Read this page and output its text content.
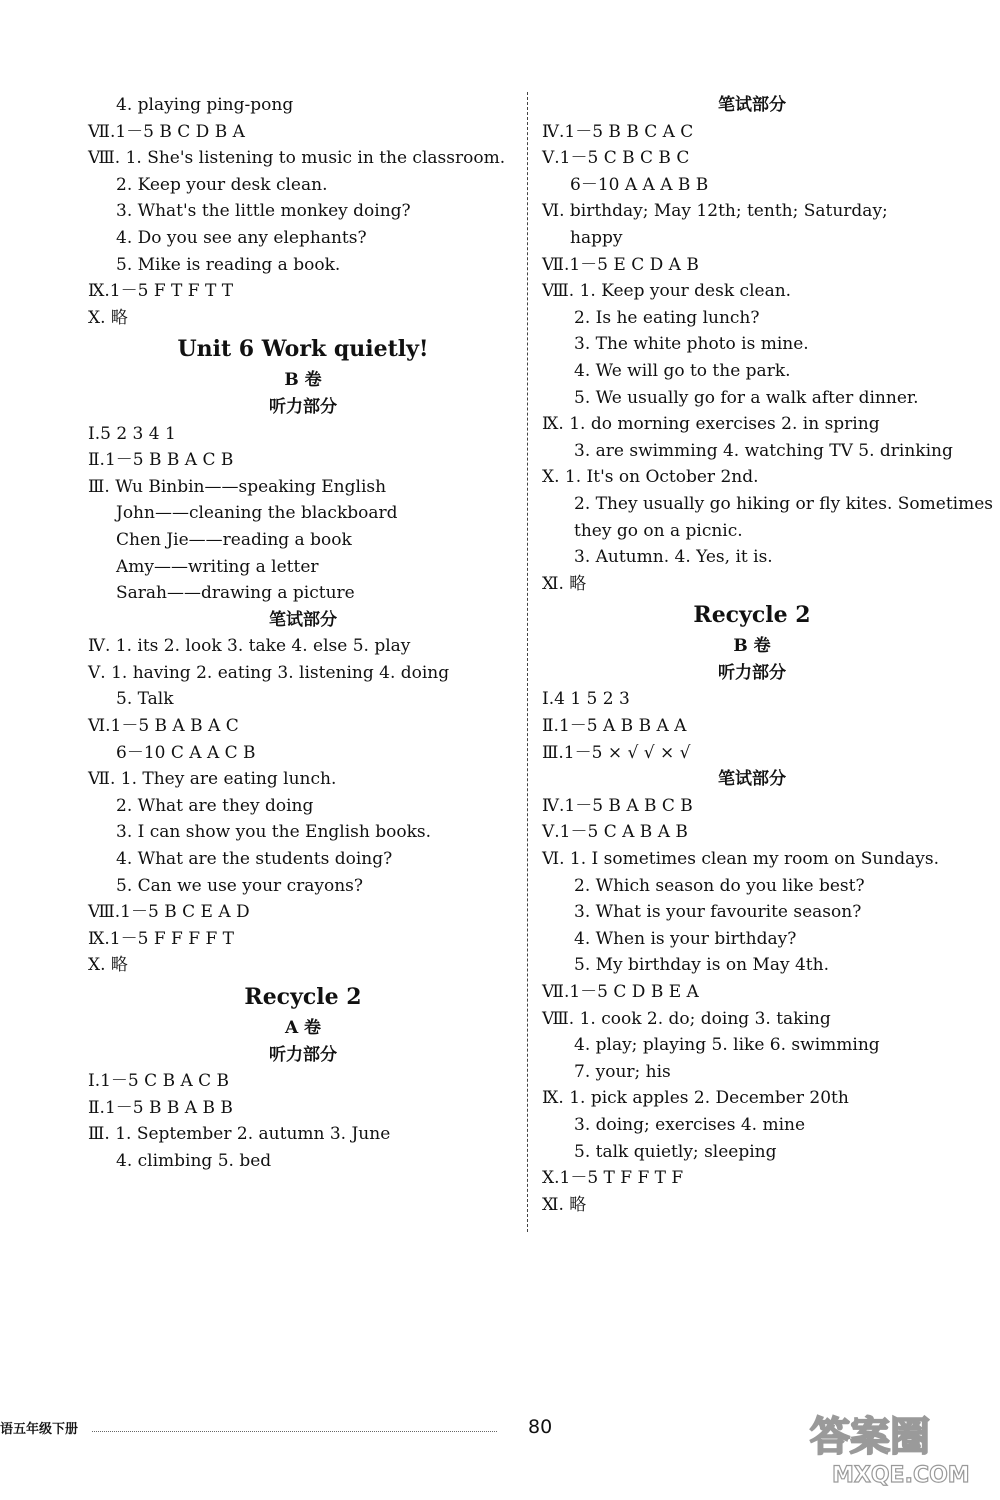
4. playing ping-pong
Ⅶ.1－5 B C D B A
Ⅷ. 1. She's listening to music in the classroom.
2. Keep your desk clean.
3. What's the little monkey doing?
4. Do you see any elephants?
5. Mike is reading a book.
Ⅸ.1－5 F T F T T
Ⅹ. 略
Unit 6 Work quietly!
B 卷
听力部分
Ⅰ.5 2 3 4 1
Ⅱ.1－5 B B A C B
Ⅲ. Wu Binbin——speaking English
John——cleaning the blackboard
Chen Jie——reading a book
Amy——writing a letter
Sarah——drawing a picture
笔试部分
Ⅳ. 1. its 2. look 3. take 4. else 5. play
Ⅴ. 1. having 2. eating 3. listening 4. doing
5. Talk
Ⅵ.1－5 B A B A C
6－10 C A A C B
Ⅶ. 1. They are eating lunch.
2. What are they doing
3. I can show you the English books.
4. What are the students doing?
5. Can we use your crayons?
Ⅷ.1－5 B C E A D
Ⅸ.1－5 F F F F T
Ⅹ. 略
Recycle 2
A 卷
听力部分
Ⅰ.1－5 C B A C B
Ⅱ.1－5 B B A B B
Ⅲ. 1. September 2. autumn 3. June
4. climbing 5. bed
笔试部分
Ⅳ.1－5 B B C A C
Ⅴ.1－5 C B C B C
6－10 A A A B B
Ⅵ. birthday; May 12th; tenth; Saturday;
happy
Ⅶ.1－5 E C D A B
Ⅷ. 1. Keep your desk clean.
2. Is he eating lunch?
3. The white photo is mine.
4. We will go to the park.
5. We usually go for a walk after dinner.
Ⅸ. 1. do morning exercises 2. in spring
3. are swimming 4. watching TV 5. drinking
Ⅹ. 1. It's on October 2nd.
2. They usually go hiking or fly kites. Sometimes
they go on a picnic.
3. Autumn. 4. Yes, it is.
Ⅺ. 略
Recycle 2
B 卷
听力部分
Ⅰ.4 1 5 2 3
Ⅱ.1－5 A B B A A
Ⅲ.1－5 × √ √ × √
笔试部分
Ⅳ.1－5 B A B C B
Ⅴ.1－5 C A B A B
Ⅵ. 1. I sometimes clean my room on Sundays.
2. Which season do you like best?
3. What is your favourite season?
4. When is your birthday?
5. My birthday is on May 4th.
Ⅶ.1－5 C D B E A
Ⅷ. 1. cook 2. do; doing 3. taking
4. play; playing 5. like 6. swimming
7. your; his
Ⅸ. 1. pick apples 2. December 20th
3. doing; exercises 4. mine
5. talk quietly; sleeping
Ⅹ.1－5 T F F T F
Ⅺ. 略
语五年级下册	80	答案圈
MXQE.COM
